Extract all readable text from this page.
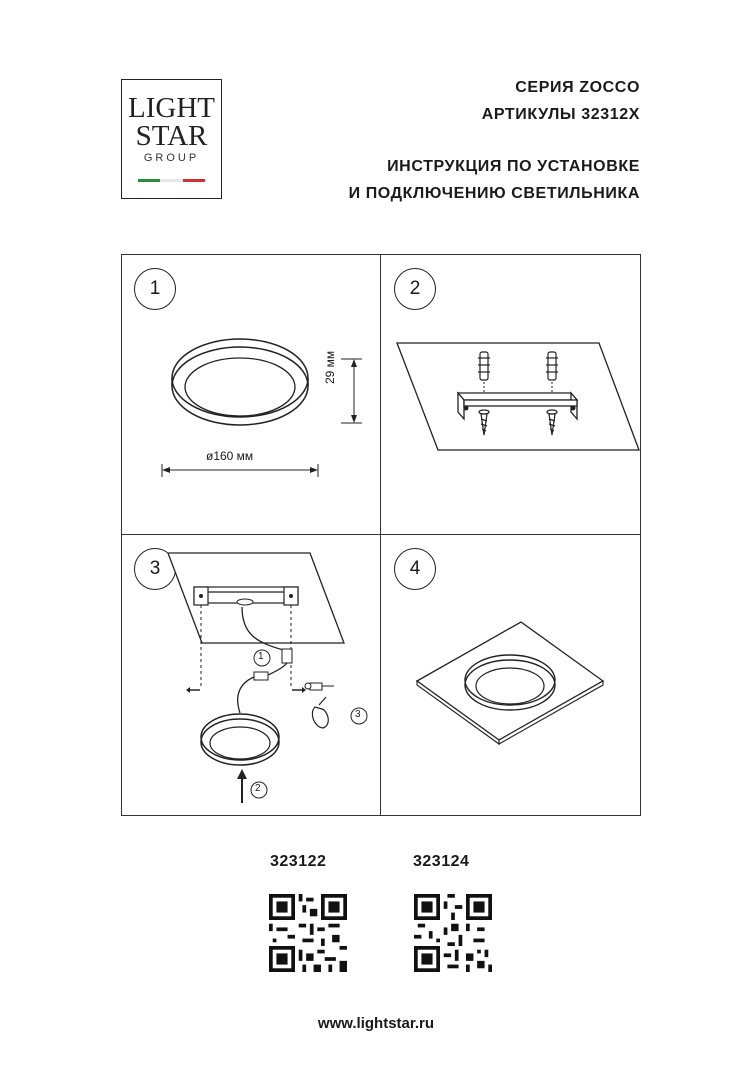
LIGHT
STAR
GROUP
СЕРИЯ ZOCCO
АРТИКУЛЫ 32312X
ИНСТРУКЦИЯ ПО УСТАНОВКЕ
И ПОДКЛЮЧЕНИЮ СВЕТИЛЬНИКА
1
ø160 мм
29 мм
2
3
1
2
3
4
323122	323124
www.lightstar.ru
